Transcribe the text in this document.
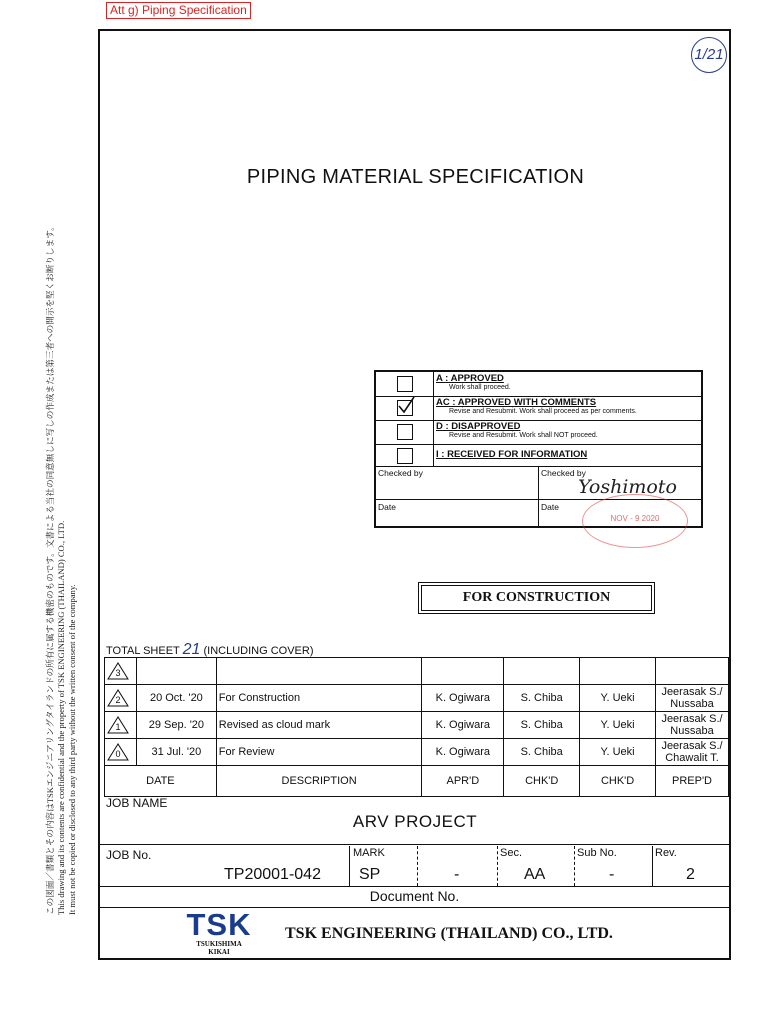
Att g) Piping Specification
1/21
PIPING MATERIAL SPECIFICATION
この図面／書類とその内容はTSKエンジニアリングタイランドの所有に属する機密のものです。文書による当社の同意無しに写しの作成または第三者への開示を堅くお断りします。 This drawing and its contents are confidential and the property of TSK ENGINEERING (THAILAND) CO., LTD. It must not be copied or disclosed to any third party without the written consent of the company.
A : APPROVED
Work shall proceed.
AC : APPROVED WITH COMMENTS
Revise and Resubmit. Work shall proceed as per comments.
D : DISAPPROVED
Revise and Resubmit. Work shall NOT proceed.
I : RECEIVED FOR INFORMATION
Checked by	Checked by
Date	Date
Yoshimoto
NOV - 9 2020
FOR CONSTRUCTION
TOTAL SHEET 21 (INCLUDING COVER)
3						

2	20 Oct. '20	For Construction	K. Ogiwara	S. Chiba	Y. Ueki	Jeerasak S./
Nussaba

1	29 Sep. '20	Revised as cloud mark	K. Ogiwara	S. Chiba	Y. Ueki	Jeerasak S./
Nussaba

0	31 Jul. '20	For Review	K. Ogiwara	S. Chiba	Y. Ueki	Jeerasak S./
Chawalit T.

DATE		DESCRIPTION	APR'D	CHK'D	CHK'D	PREP'D
JOB NAME
ARV PROJECT
JOB No.
TP20001-042
MARK
SP	-
Sec.
AA
Sub No.
-
Rev.
2
Document No.
TSK
TSUKISHIMA
KIKAI
TSK ENGINEERING (THAILAND) CO., LTD.
